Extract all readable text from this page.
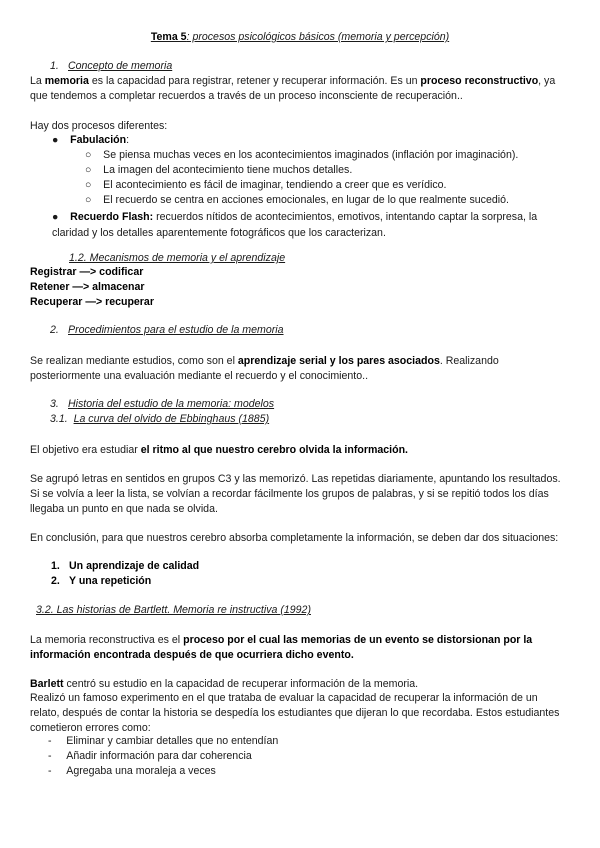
Tema 5: procesos psicológicos básicos (memoria y percepción)
1. Concepto de memoria
La memoria es la capacidad para registrar, retener y recuperar información. Es un proceso reconstructivo, ya que tendemos a completar recuerdos a través de un proceso inconsciente de recuperación..
Hay dos procesos diferentes:
●    Fabulación:
○    Se piensa muchas veces en los acontecimientos imaginados (inflación por imaginación).
○    La imagen del acontecimiento tiene muchos detalles.
○    El acontecimiento es fácil de imaginar, tendiendo a creer que es verídico.
○    El recuerdo se centra en acciones emocionales, en lugar de lo que realmente sucedió.
●    Recuerdo Flash: recuerdos nítidos de acontecimientos, emotivos, intentando captar la sorpresa, la claridad y los detalles aparentemente fotográficos que los caracterizan.
1.2. Mecanismos de memoria y el aprendizaje
Registrar —> codificar
Retener —> almacenar
Recuperar —> recuperar
2. Procedimientos para el estudio de la memoria
Se realizan mediante estudios, como son el aprendizaje serial y los pares asociados. Realizando posteriormente una evaluación mediante el recuerdo y el conocimiento..
3. Historia del estudio de la memoria: modelos
3.1. La curva del olvido de Ebbinghaus (1885)
El objetivo era estudiar el ritmo al que nuestro cerebro olvida la información.
Se agrupó letras en sentidos en grupos C3 y las memorizó. Las repetidas diariamente, apuntando los resultados. Si se volvía a leer la lista, se volvían a recordar fácilmente los grupos de palabras, y si se repitió todos los días llegaba un punto en que nada se olvida.
En conclusión, para que nuestros cerebro absorba completamente la información, se deben dar dos situaciones:
1. Un aprendizaje de calidad
2. Y una repetición
3.2. Las historias de Bartlett. Memoria re instructiva (1992)
La memoria reconstructiva es el proceso por el cual las memorias de un evento se distorsionan por la información encontrada después de que ocurriera dicho evento.
Barlett centró su estudio en la capacidad de recuperar información de la memoria.
Realizó un famoso experimento en el que trataba de evaluar la capacidad de recuperar la información de un relato, después de contar la historia se despedía los estudiantes que dijeran lo que recordaba. Estos estudiantes cometieron errores como:
-     Eliminar y cambiar detalles que no entendían
-     Añadir información para dar coherencia
-     Agregaba una moraleja a veces
